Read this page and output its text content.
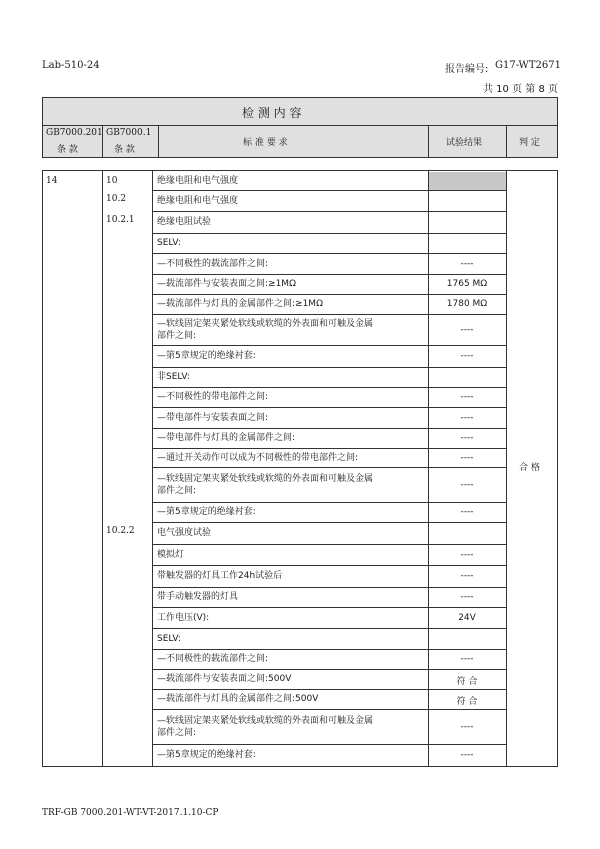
Lab-510-24	报告编号: G17-WT2671
共 10 页 第 8 页
检 测 内 容
GB7000.201
条 款
GB7000.1
条 款
标 准 要 求	试验结果	判 定
14
合 格
10	绝缘电阻和电气强度
10.2	绝缘电阻和电气强度
10.2.1 绝缘电阻试验
SELV:
—不同极性的载流部件之间:	----
—载流部件与安装表面之间:≥1MΩ	1765 MΩ
—载流部件与灯具的金属部件之间:≥1MΩ	1780 MΩ
—软线固定架夹紧处软线或软缆的外表面和可触及金属
部件之间:
----
—第5章规定的绝缘衬套:	----
非SELV:
—不同极性的带电部件之间:	----
—带电部件与安装表面之间:	----
—带电部件与灯具的金属部件之间:	----
—通过开关动作可以成为不同极性的带电部件之间:	----
—软线固定架夹紧处软线或软缆的外表面和可触及金属
部件之间:
----
—第5章规定的绝缘衬套:	----
10.2.2 电气强度试验
模拟灯	----
带触发器的灯具工作24h试验后	----
带手动触发器的灯具	----
工作电压(V):	24V
SELV:
—不同极性的载流部件之间:	----
—载流部件与安装表面之间:500V	符 合
—载流部件与灯具的金属部件之间:500V	符 合
—软线固定架夹紧处软线或软缆的外表面和可触及金属
部件之间:
----
—第5章规定的绝缘衬套:	----
TRF-GB 7000.201-WT-VT-2017.1.10-CP
